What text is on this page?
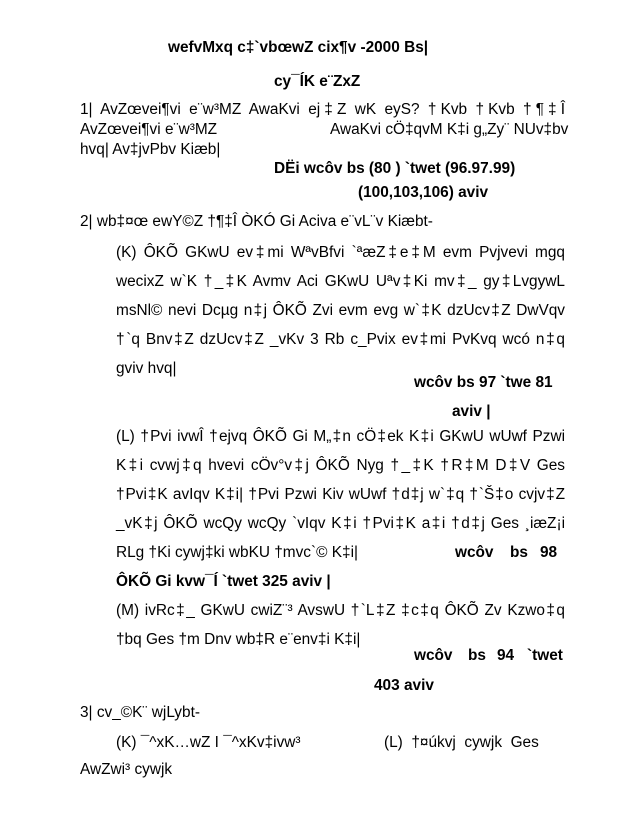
wefvMxq c‡`vbœwZ cix¶v -2000 Bs|
cy¯ÍK e¨ZxZ
1| AvZœvei¶vi e¨w³MZ AwaKvi ej‡Z wK eyS? †Kvb †Kvb †¶‡Î
AvZœvei¶vi e¨w³MZ	AwaKvi cÖ‡qvM K‡i g„Zy¨ NUv‡bv
hvq| Av‡jvPbv Kiæb|
DËi wcôv bs (80 ) `twet (96.97.99)
(100,103,106) aviv
2| wb‡¤œ ewY©Z †¶‡Î ÒKÓ Gi Aciva e¨vL¨v Kiæbt-
(K) ÔKÕ GKwU ev‡mi WªvBfvi `ªæZ‡e‡M evm Pvjvevi mgq
wecixZ w`K †_‡K Avmv Aci GKwU Uªv‡Ki mv‡_ gy‡LvgywL
msNl© nevi Dcµg n‡j ÔKÕ Zvi evm evg w`‡K dzUcv‡Z DwVqv
†`q Bnv‡Z dzUcv‡Z _vKv 3 Rb c_Pvix ev‡mi PvKvq wcó n‡q
gviv hvq|
wcôv bs 97 `twe 81
aviv |
(L) †Pvi ivwÎ †ejvq ÔKÕ Gi M„‡n cÖ‡ek K‡i GKwU wUwf Pzwi
K‡i cvwj‡q hvevi cÖv°v‡j ÔKÕ Nyg †_‡K †R‡M D‡V Ges
†Pvi‡K avIqv K‡i| †Pvi Pzwi Kiv wUwf †d‡j w`‡q †`Š‡o cvjv‡Z
_vK‡j ÔKÕ wcQy wcQy `vIqv K‡i †Pvi‡K a‡i †d‡j Ges ¸iæZ¡i
RLg †Ki cywj‡ki wbKU †mvc`© K‡i|	wcôv bs 98
ÔKÕ Gi kvw¯Í `twet 325 aviv |
(M) ivRc‡_ GKwU cwiZ¨³ AvswU †`L‡Z ‡c‡q ÔKÕ Zv Kzwo‡q
†bq Ges †m Dnv wb‡R e¨env‡i K‡i|
wcôv bs 94 `twet
403 aviv
3| cv_©K¨ wjLybt-
(K) ¯^xK…wZ I ¯^xKv‡ivw³	(L)  †¤úkvj  cywjk  Ges
AwZwi³ cywjk
